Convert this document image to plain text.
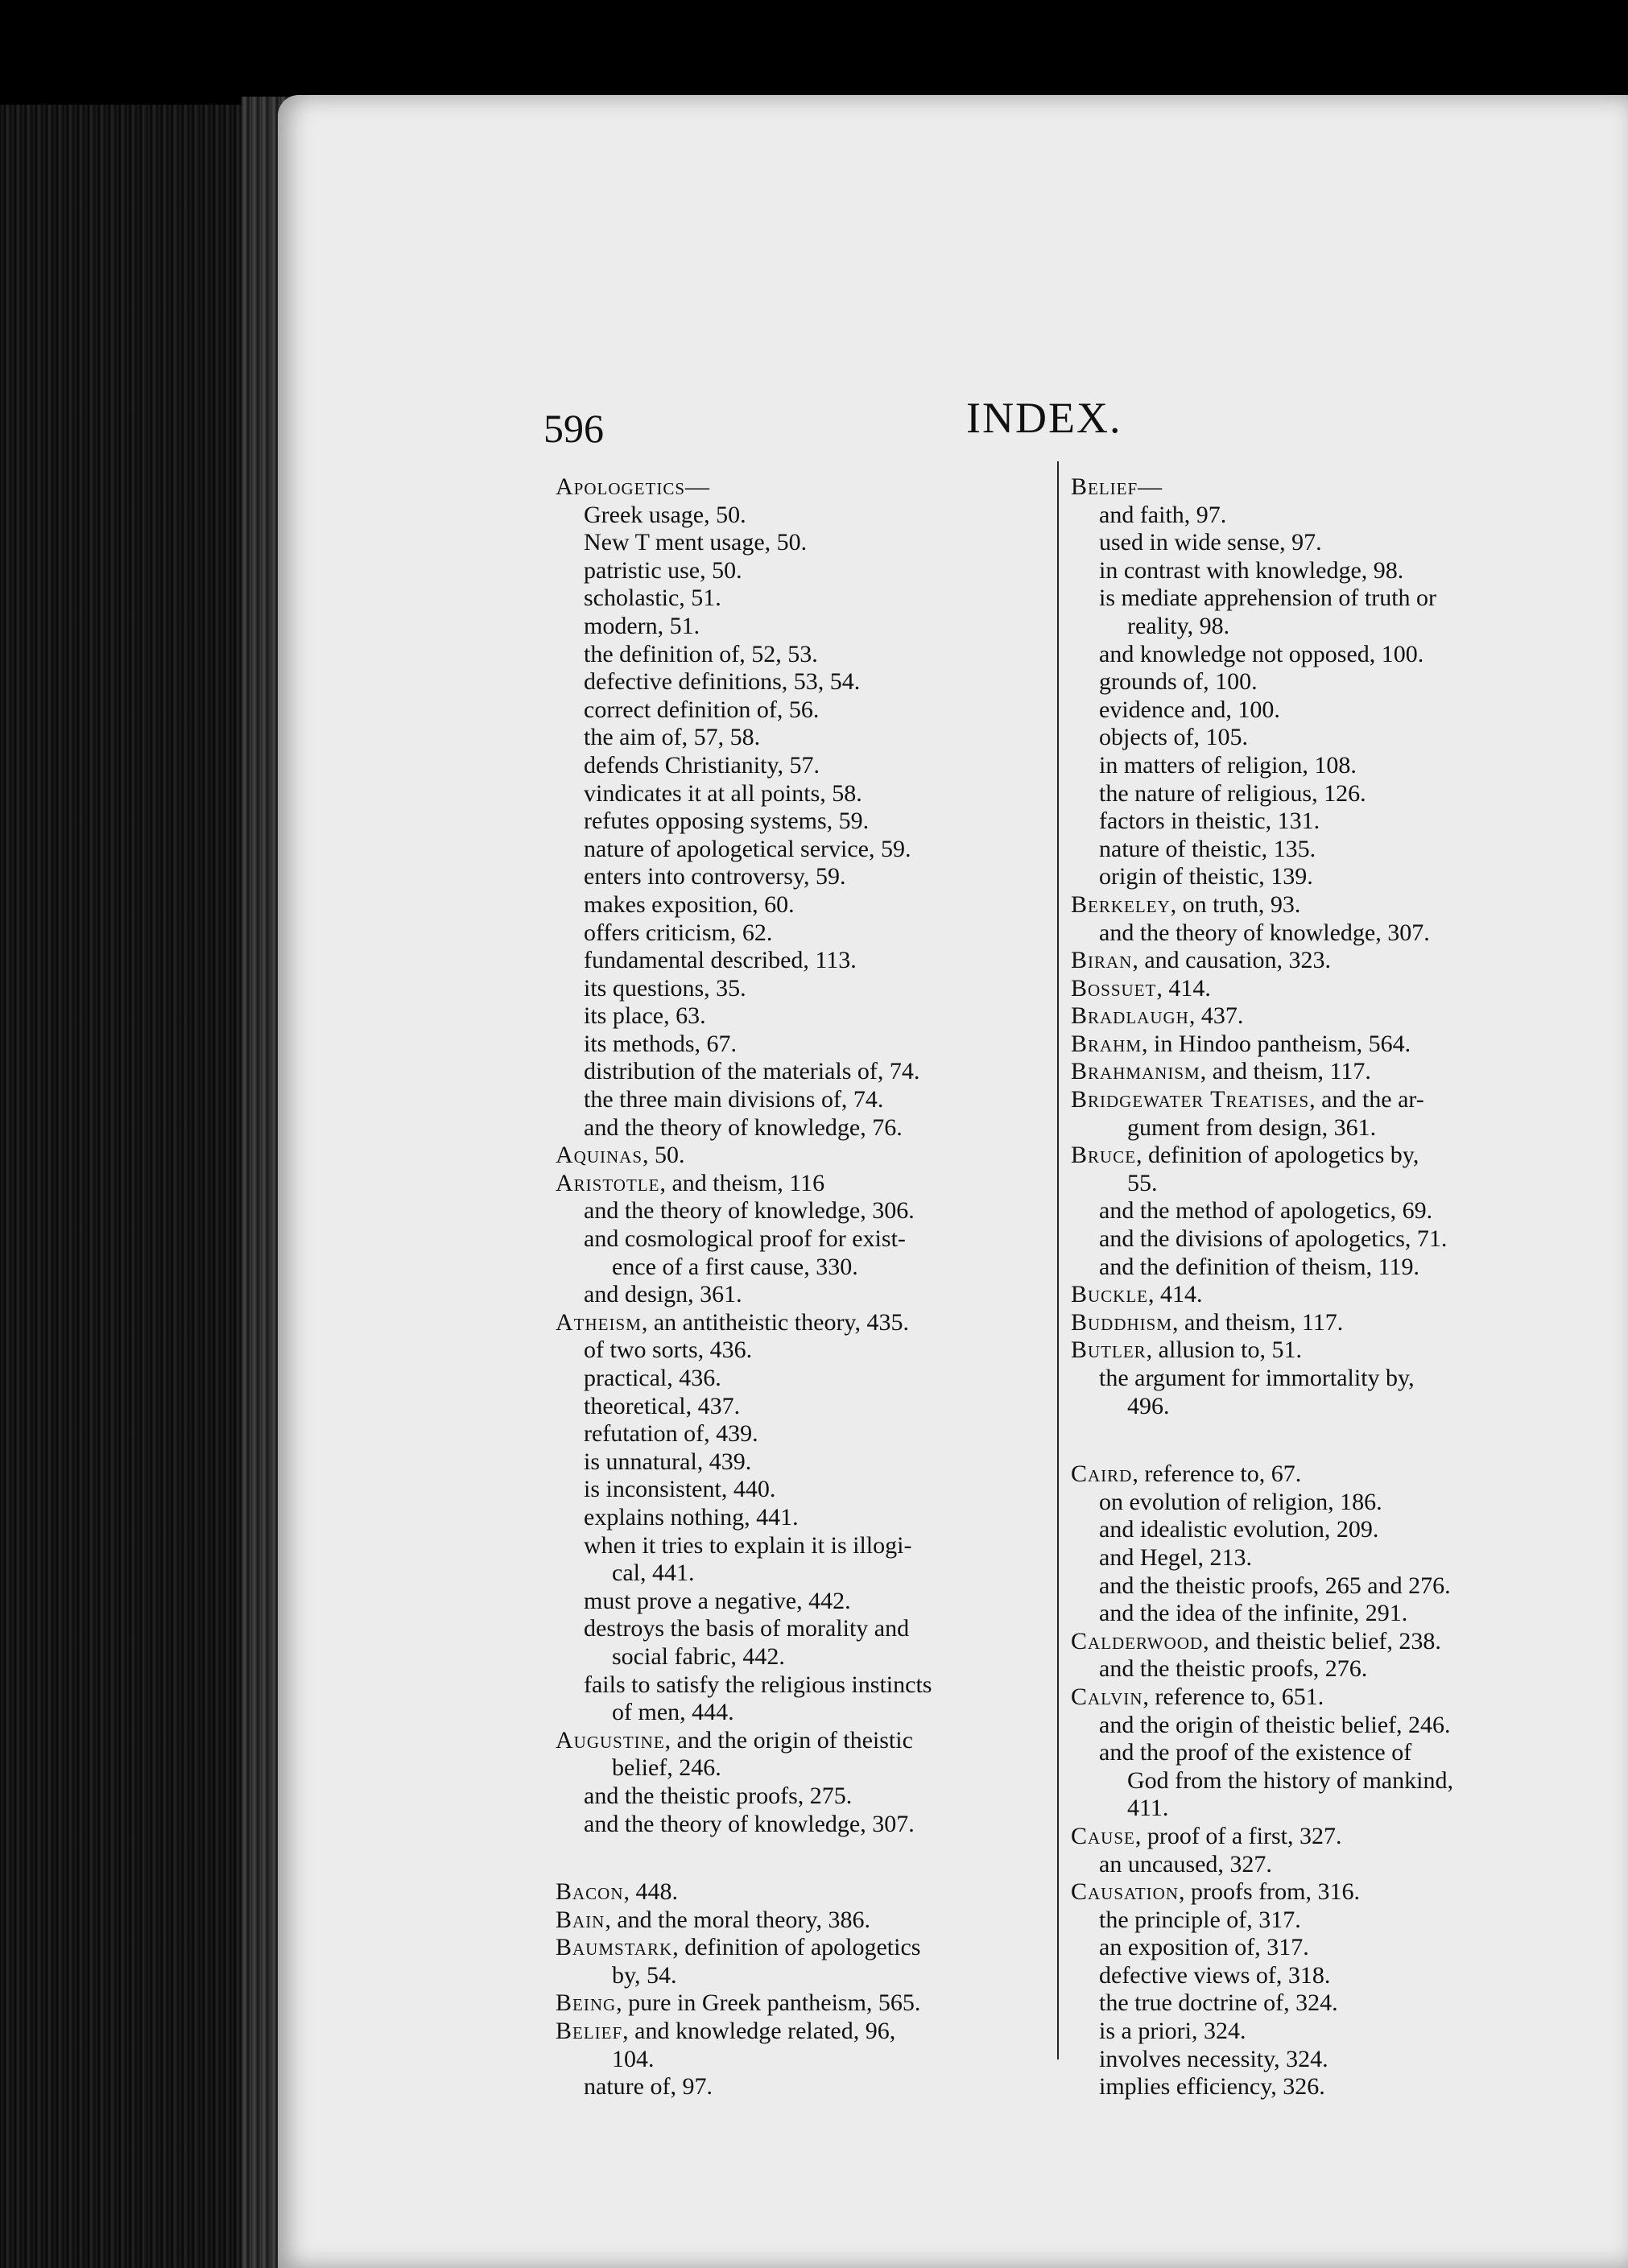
596	INDEX.
Apologetics—
Greek usage, 50.
New T ment usage, 50.
patristic use, 50.
scholastic, 51.
modern, 51.
the definition of, 52, 53.
defective definitions, 53, 54.
correct definition of, 56.
the aim of, 57, 58.
defends Christianity, 57.
vindicates it at all points, 58.
refutes opposing systems, 59.
nature of apologetical service, 59.
enters into controversy, 59.
makes exposition, 60.
offers criticism, 62.
fundamental described, 113.
its questions, 35.
its place, 63.
its methods, 67.
distribution of the materials of, 74.
the three main divisions of, 74.
and the theory of knowledge, 76.
Aquinas, 50.
Aristotle, and theism, 116
and the theory of knowledge, 306.
and cosmological proof for exist-
ence of a first cause, 330.
and design, 361.
Atheism, an antitheistic theory, 435.
of two sorts, 436.
practical, 436.
theoretical, 437.
refutation of, 439.
is unnatural, 439.
is inconsistent, 440.
explains nothing, 441.
when it tries to explain it is illogi-
cal, 441.
must prove a negative, 442.
destroys the basis of morality and
social fabric, 442.
fails to satisfy the religious instincts
of men, 444.
Augustine, and the origin of theistic
belief, 246.
and the theistic proofs, 275.
and the theory of knowledge, 307.
Bacon, 448.
Bain, and the moral theory, 386.
Baumstark, definition of apologetics
by, 54.
Being, pure in Greek pantheism, 565.
Belief, and knowledge related, 96,
104.
nature of, 97.
Belief—
and faith, 97.
used in wide sense, 97.
in contrast with knowledge, 98.
is mediate apprehension of truth or
reality, 98.
and knowledge not opposed, 100.
grounds of, 100.
evidence and, 100.
objects of, 105.
in matters of religion, 108.
the nature of religious, 126.
factors in theistic, 131.
nature of theistic, 135.
origin of theistic, 139.
Berkeley, on truth, 93.
and the theory of knowledge, 307.
Biran, and causation, 323.
Bossuet, 414.
Bradlaugh, 437.
Brahm, in Hindoo pantheism, 564.
Brahmanism, and theism, 117.
Bridgewater Treatises, and the ar-
gument from design, 361.
Bruce, definition of apologetics by,
55.
and the method of apologetics, 69.
and the divisions of apologetics, 71.
and the definition of theism, 119.
Buckle, 414.
Buddhism, and theism, 117.
Butler, allusion to, 51.
the argument for immortality by,
496.
Caird, reference to, 67.
on evolution of religion, 186.
and idealistic evolution, 209.
and Hegel, 213.
and the theistic proofs, 265 and 276.
and the idea of the infinite, 291.
Calderwood, and theistic belief, 238.
and the theistic proofs, 276.
Calvin, reference to, 651.
and the origin of theistic belief, 246.
and the proof of the existence of
God from the history of mankind,
411.
Cause, proof of a first, 327.
an uncaused, 327.
Causation, proofs from, 316.
the principle of, 317.
an exposition of, 317.
defective views of, 318.
the true doctrine of, 324.
is a priori, 324.
involves necessity, 324.
implies efficiency, 326.
